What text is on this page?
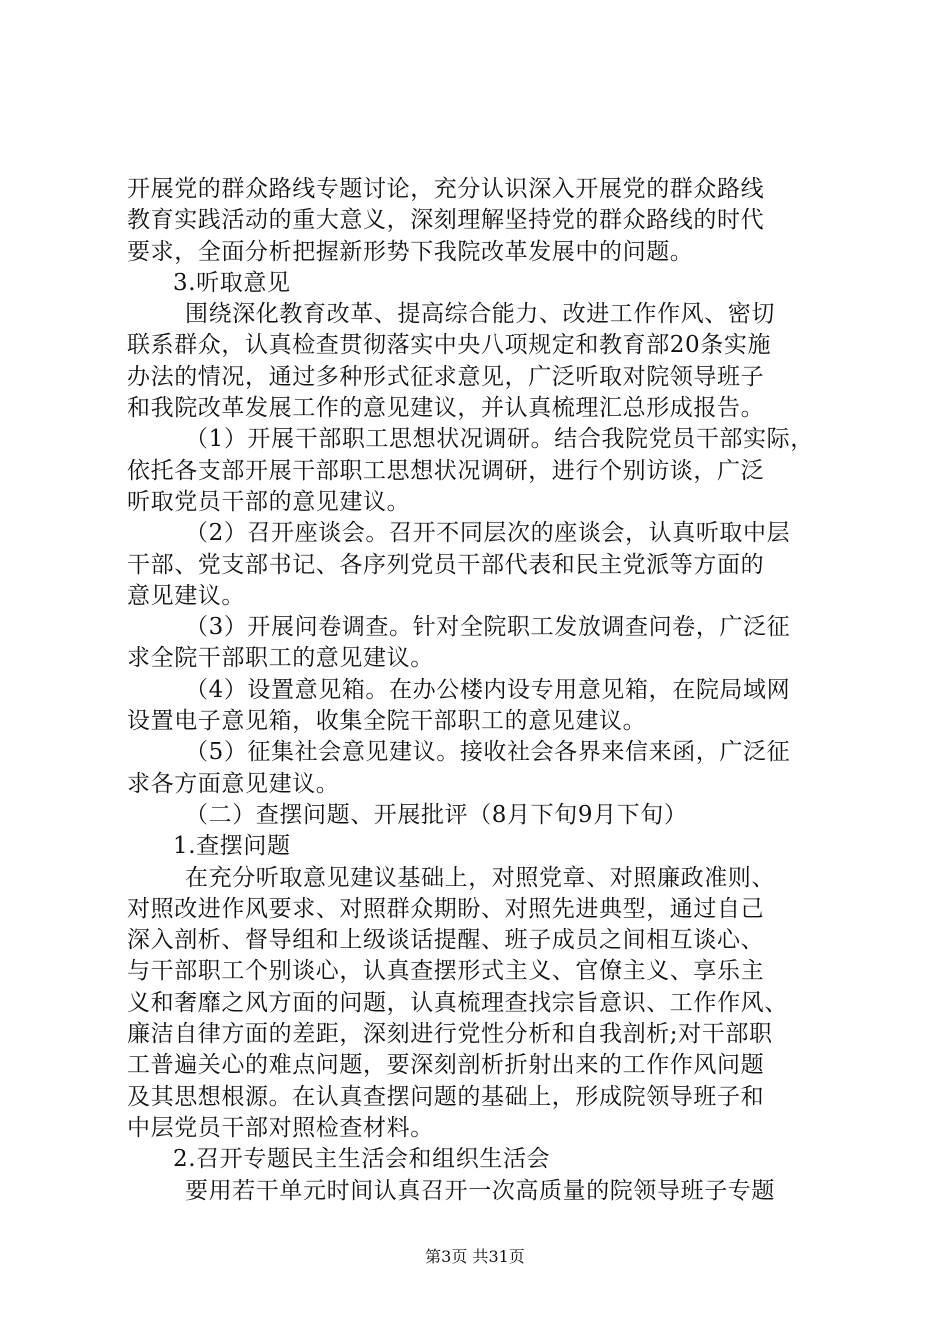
开展党的群众路线专题讨论，充分认识深入开展党的群众路线
教育实践活动的重大意义，深刻理解坚持党的群众路线的时代
要求，全面分析把握新形势下我院改革发展中的问题。
3.听取意见
围绕深化教育改革、提高综合能力、改进工作作风、密切
联系群众，认真检查贯彻落实中央八项规定和教育部20条实施
办法的情况，通过多种形式征求意见，广泛听取对院领导班子
和我院改革发展工作的意见建议，并认真梳理汇总形成报告。
（1）开展干部职工思想状况调研。结合我院党员干部实际，
依托各支部开展干部职工思想状况调研，进行个别访谈，广泛
听取党员干部的意见建议。
（2）召开座谈会。召开不同层次的座谈会，认真听取中层
干部、党支部书记、各序列党员干部代表和民主党派等方面的
意见建议。
（3）开展问卷调查。针对全院职工发放调查问卷，广泛征
求全院干部职工的意见建议。
（4）设置意见箱。在办公楼内设专用意见箱，在院局域网
设置电子意见箱，收集全院干部职工的意见建议。
（5）征集社会意见建议。接收社会各界来信来函，广泛征
求各方面意见建议。
（二）查摆问题、开展批评（8月下旬9月下旬）
1.查摆问题
在充分听取意见建议基础上，对照党章、对照廉政准则、
对照改进作风要求、对照群众期盼、对照先进典型，通过自己
深入剖析、督导组和上级谈话提醒、班子成员之间相互谈心、
与干部职工个别谈心，认真查摆形式主义、官僚主义、享乐主
义和奢靡之风方面的问题，认真梳理查找宗旨意识、工作作风、
廉洁自律方面的差距，深刻进行党性分析和自我剖析;对干部职
工普遍关心的难点问题，要深刻剖析折射出来的工作作风问题
及其思想根源。在认真查摆问题的基础上，形成院领导班子和
中层党员干部对照检查材料。
2.召开专题民主生活会和组织生活会
要用若干单元时间认真召开一次高质量的院领导班子专题
第3页 共31页
